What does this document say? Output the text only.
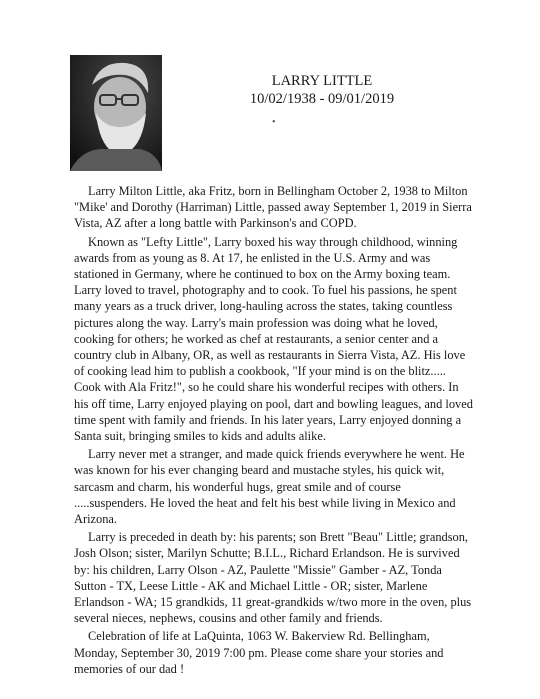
LARRY LITTLE
10/02/1938 - 09/01/2019
•

Larry Milton Little, aka Fritz, born in Bellingham October 2, 1938 to Milton "Mike' and Dorothy (Harriman) Little, passed away September 1, 2019 in Sierra Vista, AZ after a long battle with Parkinson's and COPD.

Known as "Lefty Little", Larry boxed his way through childhood, winning awards from as young as 8. At 17, he enlisted in the U.S. Army and was stationed in Germany, where he continued to box on the Army boxing team. Larry loved to travel, photography and to cook. To fuel his passions, he spent many years as a truck driver, long-hauling across the states, taking countless pictures along the way. Larry's main profession was doing what he loved, cooking for others; he worked as chef at restaurants, a senior center and a country club in Albany, OR, as well as restaurants in Sierra Vista, AZ. His love of cooking lead him to publish a cookbook, "If your mind is on the blitz..... Cook with Ala Fritz!", so he could share his wonderful recipes with others. In his off time, Larry enjoyed playing on pool, dart and bowling leagues, and loved time spent with family and friends. In his later years, Larry enjoyed donning a Santa suit, bringing smiles to kids and adults alike.

Larry never met a stranger, and made quick friends everywhere he went. He was known for his ever changing beard and mustache styles, his quick wit, sarcasm and charm, his wonderful hugs, great smile and of course .....suspenders. He loved the heat and felt his best while living in Mexico and Arizona.

Larry is preceded in death by: his parents; son Brett "Beau" Little; grandson, Josh Olson; sister, Marilyn Schutte; B.I.L., Richard Erlandson. He is survived by: his children, Larry Olson - AZ, Paulette "Missie" Gamber - AZ, Tonda Sutton - TX, Leese Little - AK and Michael Little - OR; sister, Marlene Erlandson - WA; 15 grandkids, 11 great-grandkids w/two more in the oven, plus several nieces, nephews, cousins and other family and friends.

Celebration of life at LaQuinta, 1063 W. Bakerview Rd. Bellingham, Monday, September 30, 2019 7:00 pm. Please come share your stories and memories of our dad !
